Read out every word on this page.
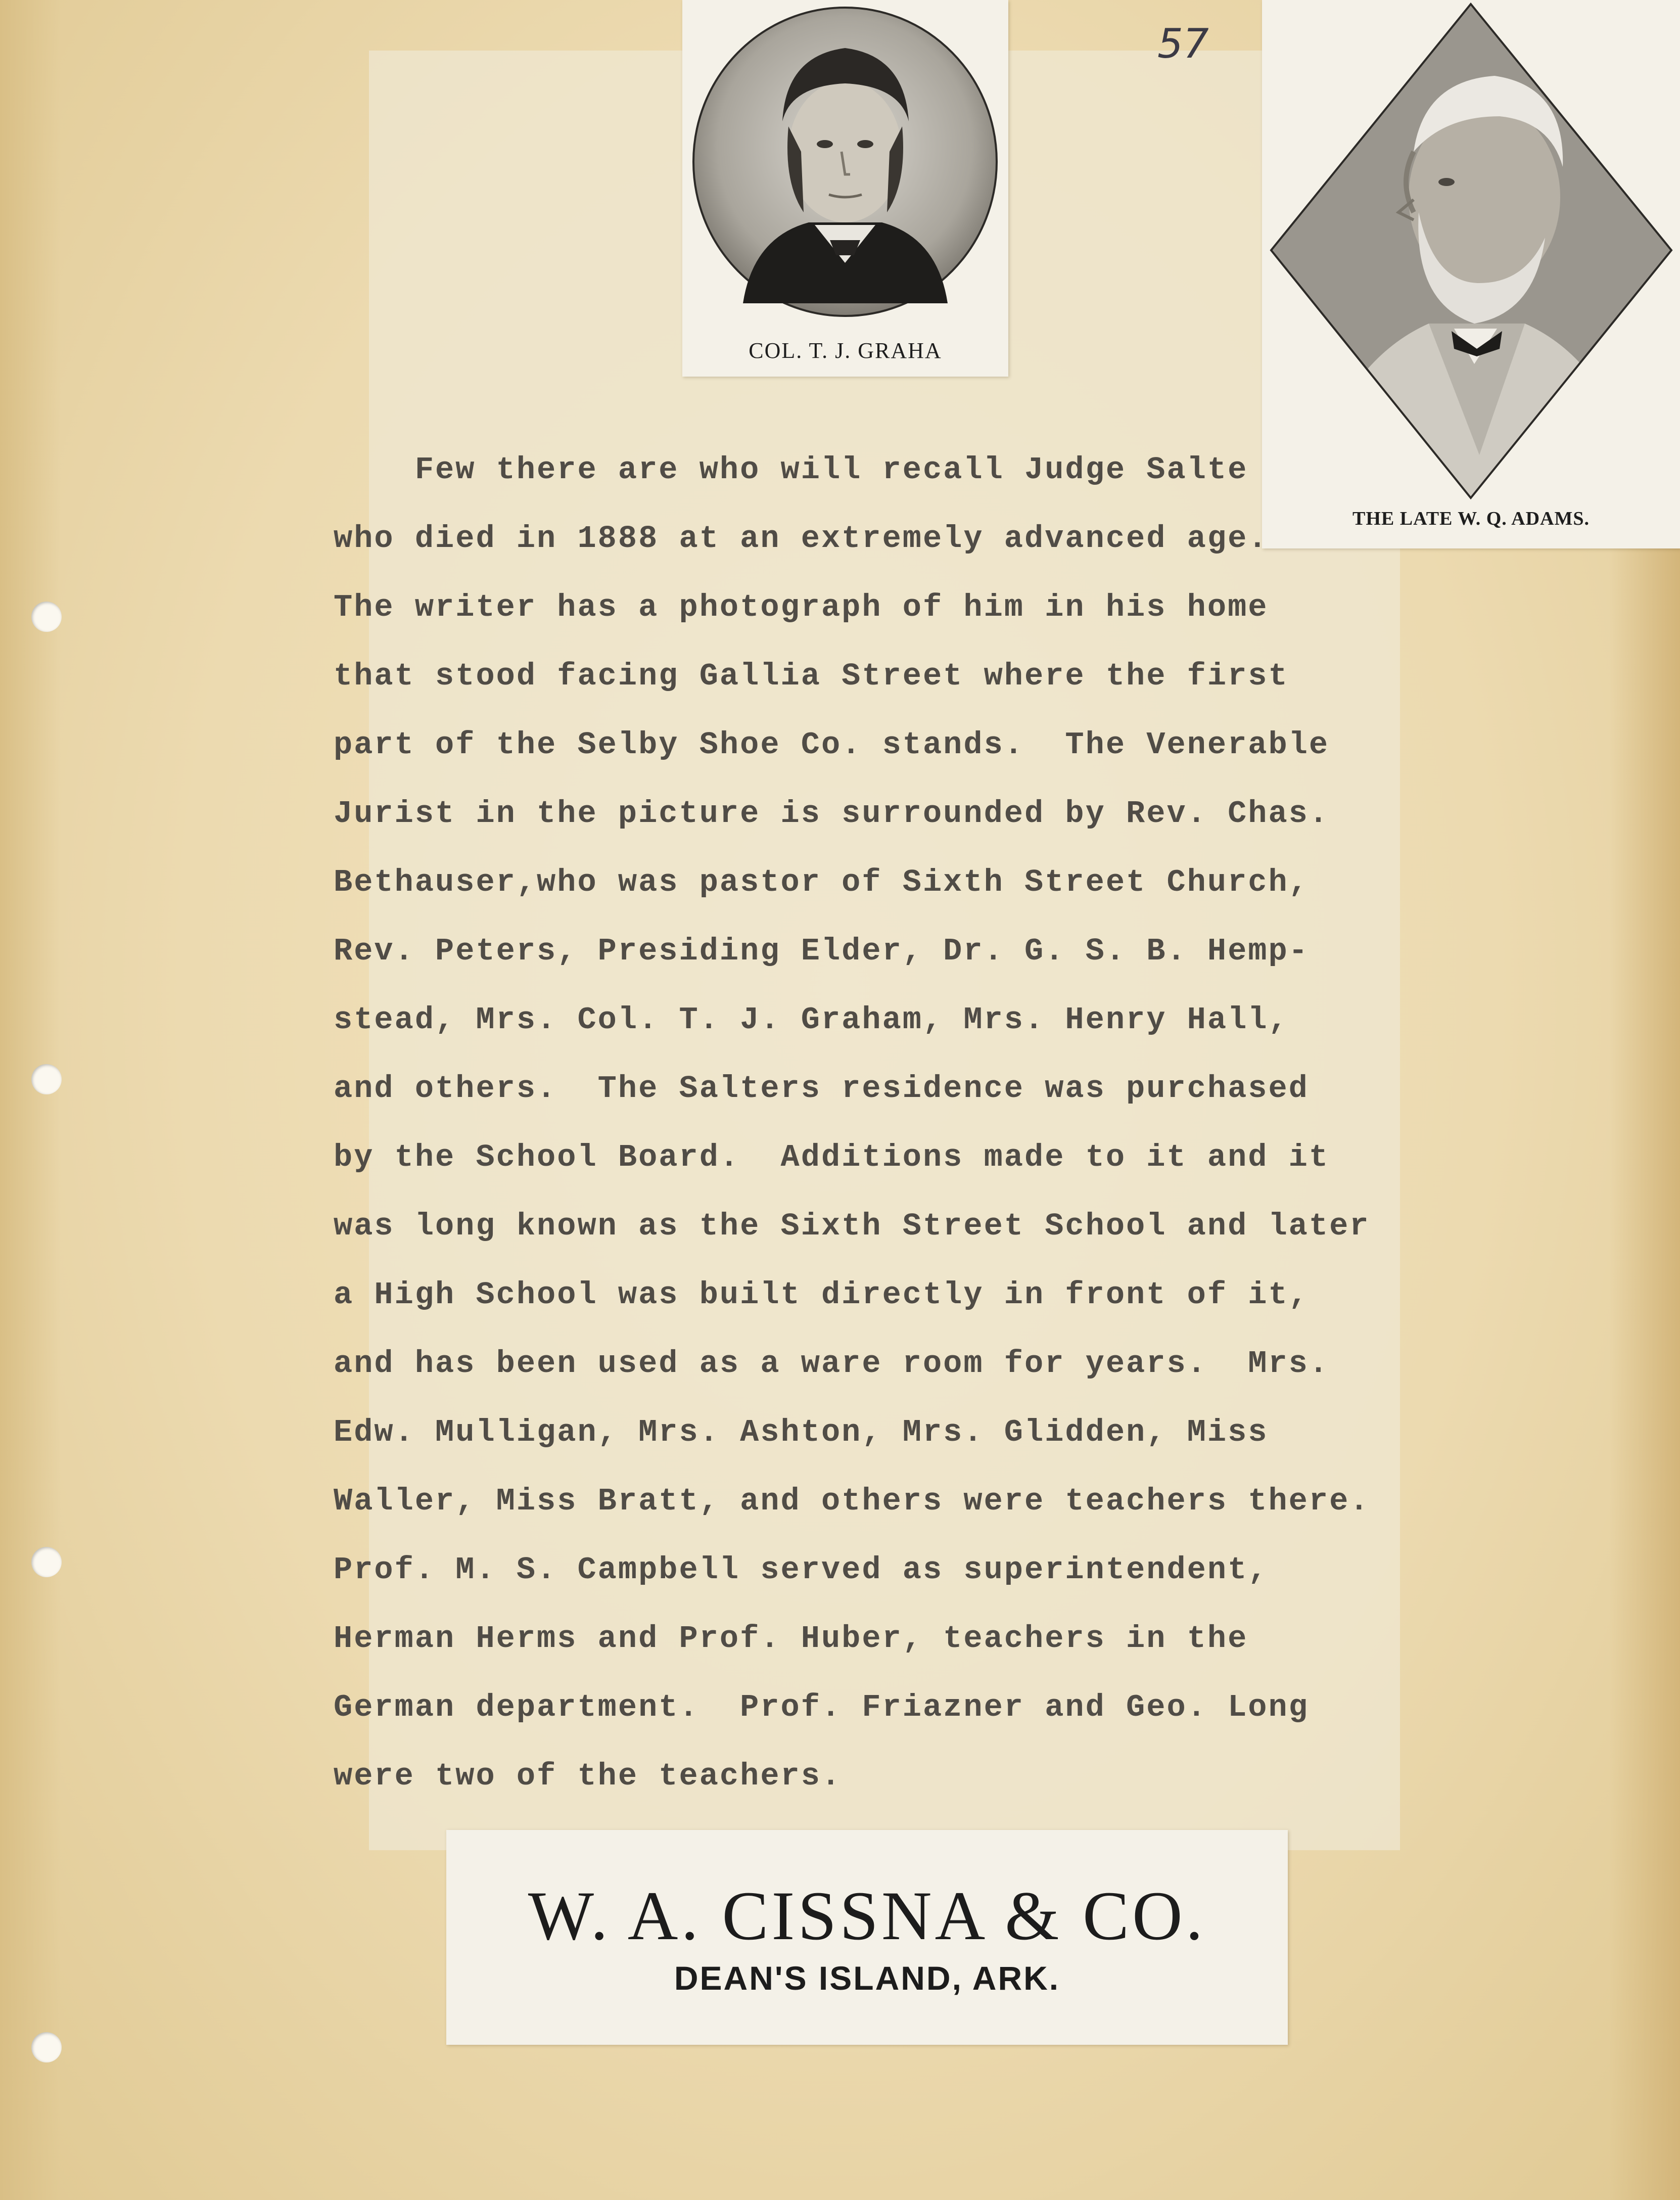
57
COL. T. J. GRAHA
THE LATE W. Q. ADAMS.
Few there are who will recall Judge Salte
who died in 1888 at an extremely advanced age.
The writer has a photograph of him in his home
that stood facing Gallia Street where the first
part of the Selby Shoe Co. stands.  The Venerable
Jurist in the picture is surrounded by Rev. Chas.
Bethauser,who was pastor of Sixth Street Church,
Rev. Peters, Presiding Elder, Dr. G. S. B. Hemp-
stead, Mrs. Col. T. J. Graham, Mrs. Henry Hall,
and others.  The Salters residence was purchased
by the School Board.  Additions made to it and it
was long known as the Sixth Street School and later
a High School was built directly in front of it,
and has been used as a ware room for years.  Mrs.
Edw. Mulligan, Mrs. Ashton, Mrs. Glidden, Miss
Waller, Miss Bratt, and others were teachers there.
Prof. M. S. Campbell served as superintendent,
Herman Herms and Prof. Huber, teachers in the
German department.  Prof. Friazner and Geo. Long
were two of the teachers.
W. A. CISSNA & CO.
DEAN'S ISLAND, ARK.
